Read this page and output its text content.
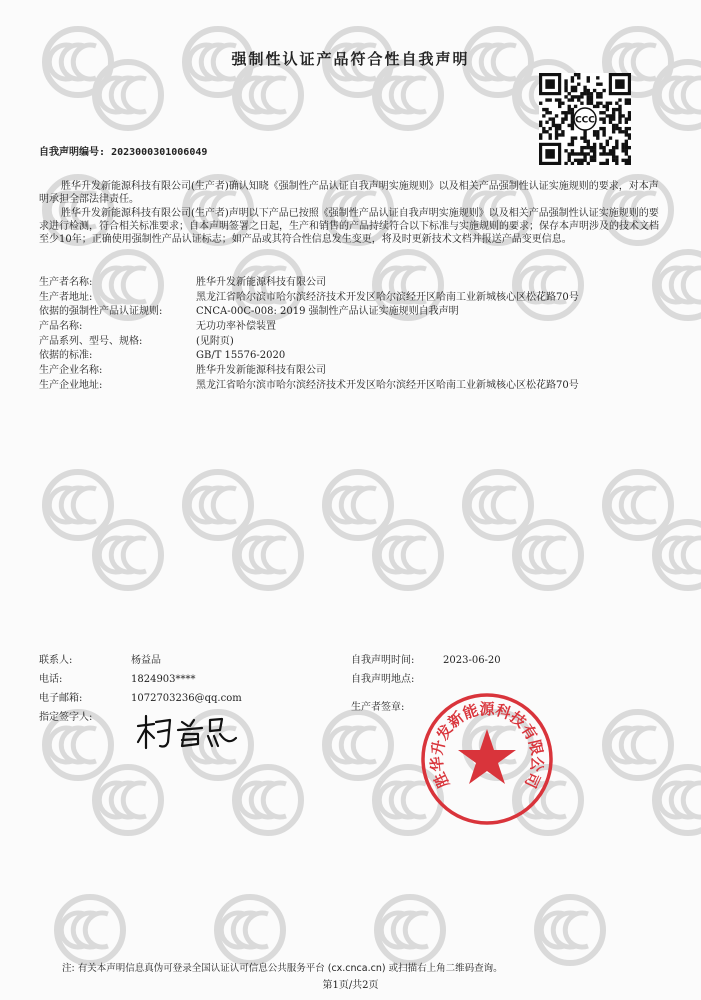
强制性认证产品符合性自我声明
CCC
自我声明编号: 2023000301006049

胜华升发新能源科技有限公司(生产者)确认知晓《强制性产品认证自我声明实施规则》以及相关产品强制性认证实施规则的要求，对本声明承担全部法律责任。

胜华升发新能源科技有限公司(生产者)声明以下产品已按照《强制性产品认证自我声明实施规则》以及相关产品强制性认证实施规则的要求进行检测，符合相关标准要求；自本声明签署之日起，生产和销售的产品持续符合以下标准与实施规则的要求；保存本声明涉及的技术文档至少10年；正确使用强制性产品认证标志；如产品或其符合性信息发生变更，将及时更新技术文档并报送产品变更信息。

生产者名称:	胜华升发新能源科技有限公司
生产者地址:	黑龙江省哈尔滨市哈尔滨经济技术开发区哈尔滨经开区哈南工业新城核心区松花路70号
依据的强制性产品认证规则:	CNCA-00C-008: 2019 强制性产品认证实施规则自我声明
产品名称:	无功功率补偿装置
产品系列、型号、规格:	(见附页)
依据的标准:	GB/T 15576-2020
生产企业名称:	胜华升发新能源科技有限公司
生产企业地址:	黑龙江省哈尔滨市哈尔滨经济技术开发区哈尔滨经开区哈南工业新城核心区松花路70号
联系人:	杨益品
电话:	1824903****
电子邮箱:	1072703236@qq.com
指定签字人:
自我声明时间:	2023-06-20
自我声明地点:
生产者签章:
胜
华
升
发
新
能
源
科
技
有
限
公
司
注: 有关本声明信息真伪可登录全国认证认可信息公共服务平台 (cx.cnca.cn) 或扫描右上角二维码查询。
第1页/共2页
